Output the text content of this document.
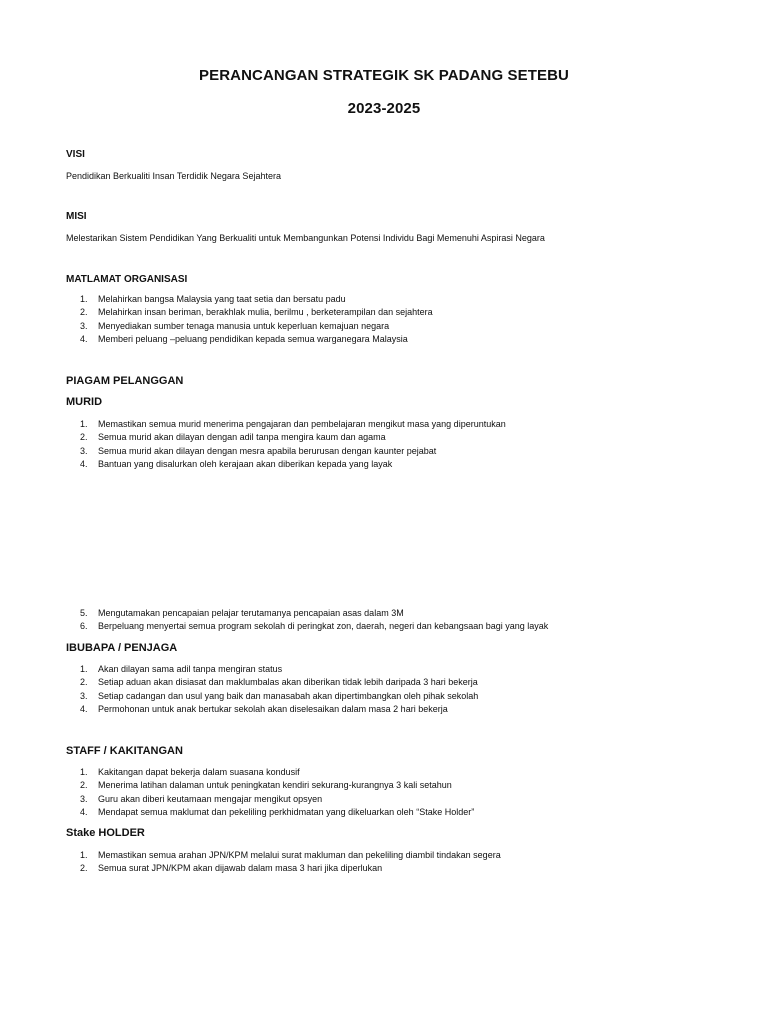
PERANCANGAN STRATEGIK SK PADANG SETEBU
2023-2025
VISI
Pendidikan Berkualiti Insan Terdidik Negara Sejahtera
MISI
Melestarikan Sistem Pendidikan Yang Berkualiti untuk Membangunkan Potensi Individu Bagi Memenuhi Aspirasi Negara
MATLAMAT ORGANISASI
1.	Melahirkan bangsa Malaysia yang taat setia dan bersatu padu
2.	Melahirkan insan beriman, berakhlak mulia, berilmu , berketerampilan dan sejahtera
3.	Menyediakan sumber tenaga manusia untuk keperluan kemajuan negara
4.	Memberi peluang –peluang pendidikan kepada semua warganegara Malaysia
PIAGAM PELANGGAN
MURID
1.	Memastikan semua murid menerima pengajaran dan pembelajaran mengikut masa yang diperuntukan
2.	Semua murid akan dilayan dengan adil tanpa mengira kaum dan agama
3.	Semua murid akan dilayan dengan mesra apabila berurusan dengan kaunter pejabat
4.	Bantuan yang disalurkan oleh kerajaan akan diberikan kepada yang layak
5.	Mengutamakan pencapaian pelajar terutamanya pencapaian asas dalam 3M
6.	Berpeluang menyertai semua program sekolah di peringkat zon, daerah, negeri dan kebangsaan bagi yang layak
IBUBAPA / PENJAGA
1.	Akan dilayan sama adil tanpa mengiran status
2.	Setiap aduan akan disiasat dan maklumbalas akan diberikan tidak lebih daripada 3 hari bekerja
3.	Setiap cadangan dan usul yang baik dan manasabah akan dipertimbangkan oleh pihak sekolah
4.	Permohonan untuk anak bertukar sekolah akan diselesaikan dalam masa 2 hari bekerja
STAFF / KAKITANGAN
1.	Kakitangan dapat bekerja dalam suasana kondusif
2.	Menerima latihan dalaman untuk peningkatan kendiri sekurang-kurangnya 3 kali setahun
3.	Guru akan diberi keutamaan mengajar mengikut opsyen
4.	Mendapat semua maklumat dan pekeliling perkhidmatan yang dikeluarkan oleh “Stake Holder”
Stake HOLDER
1.	Memastikan semua arahan JPN/KPM melalui surat makluman dan pekeliling diambil tindakan segera
2.	Semua surat JPN/KPM akan dijawab dalam masa 3 hari jika diperlukan
